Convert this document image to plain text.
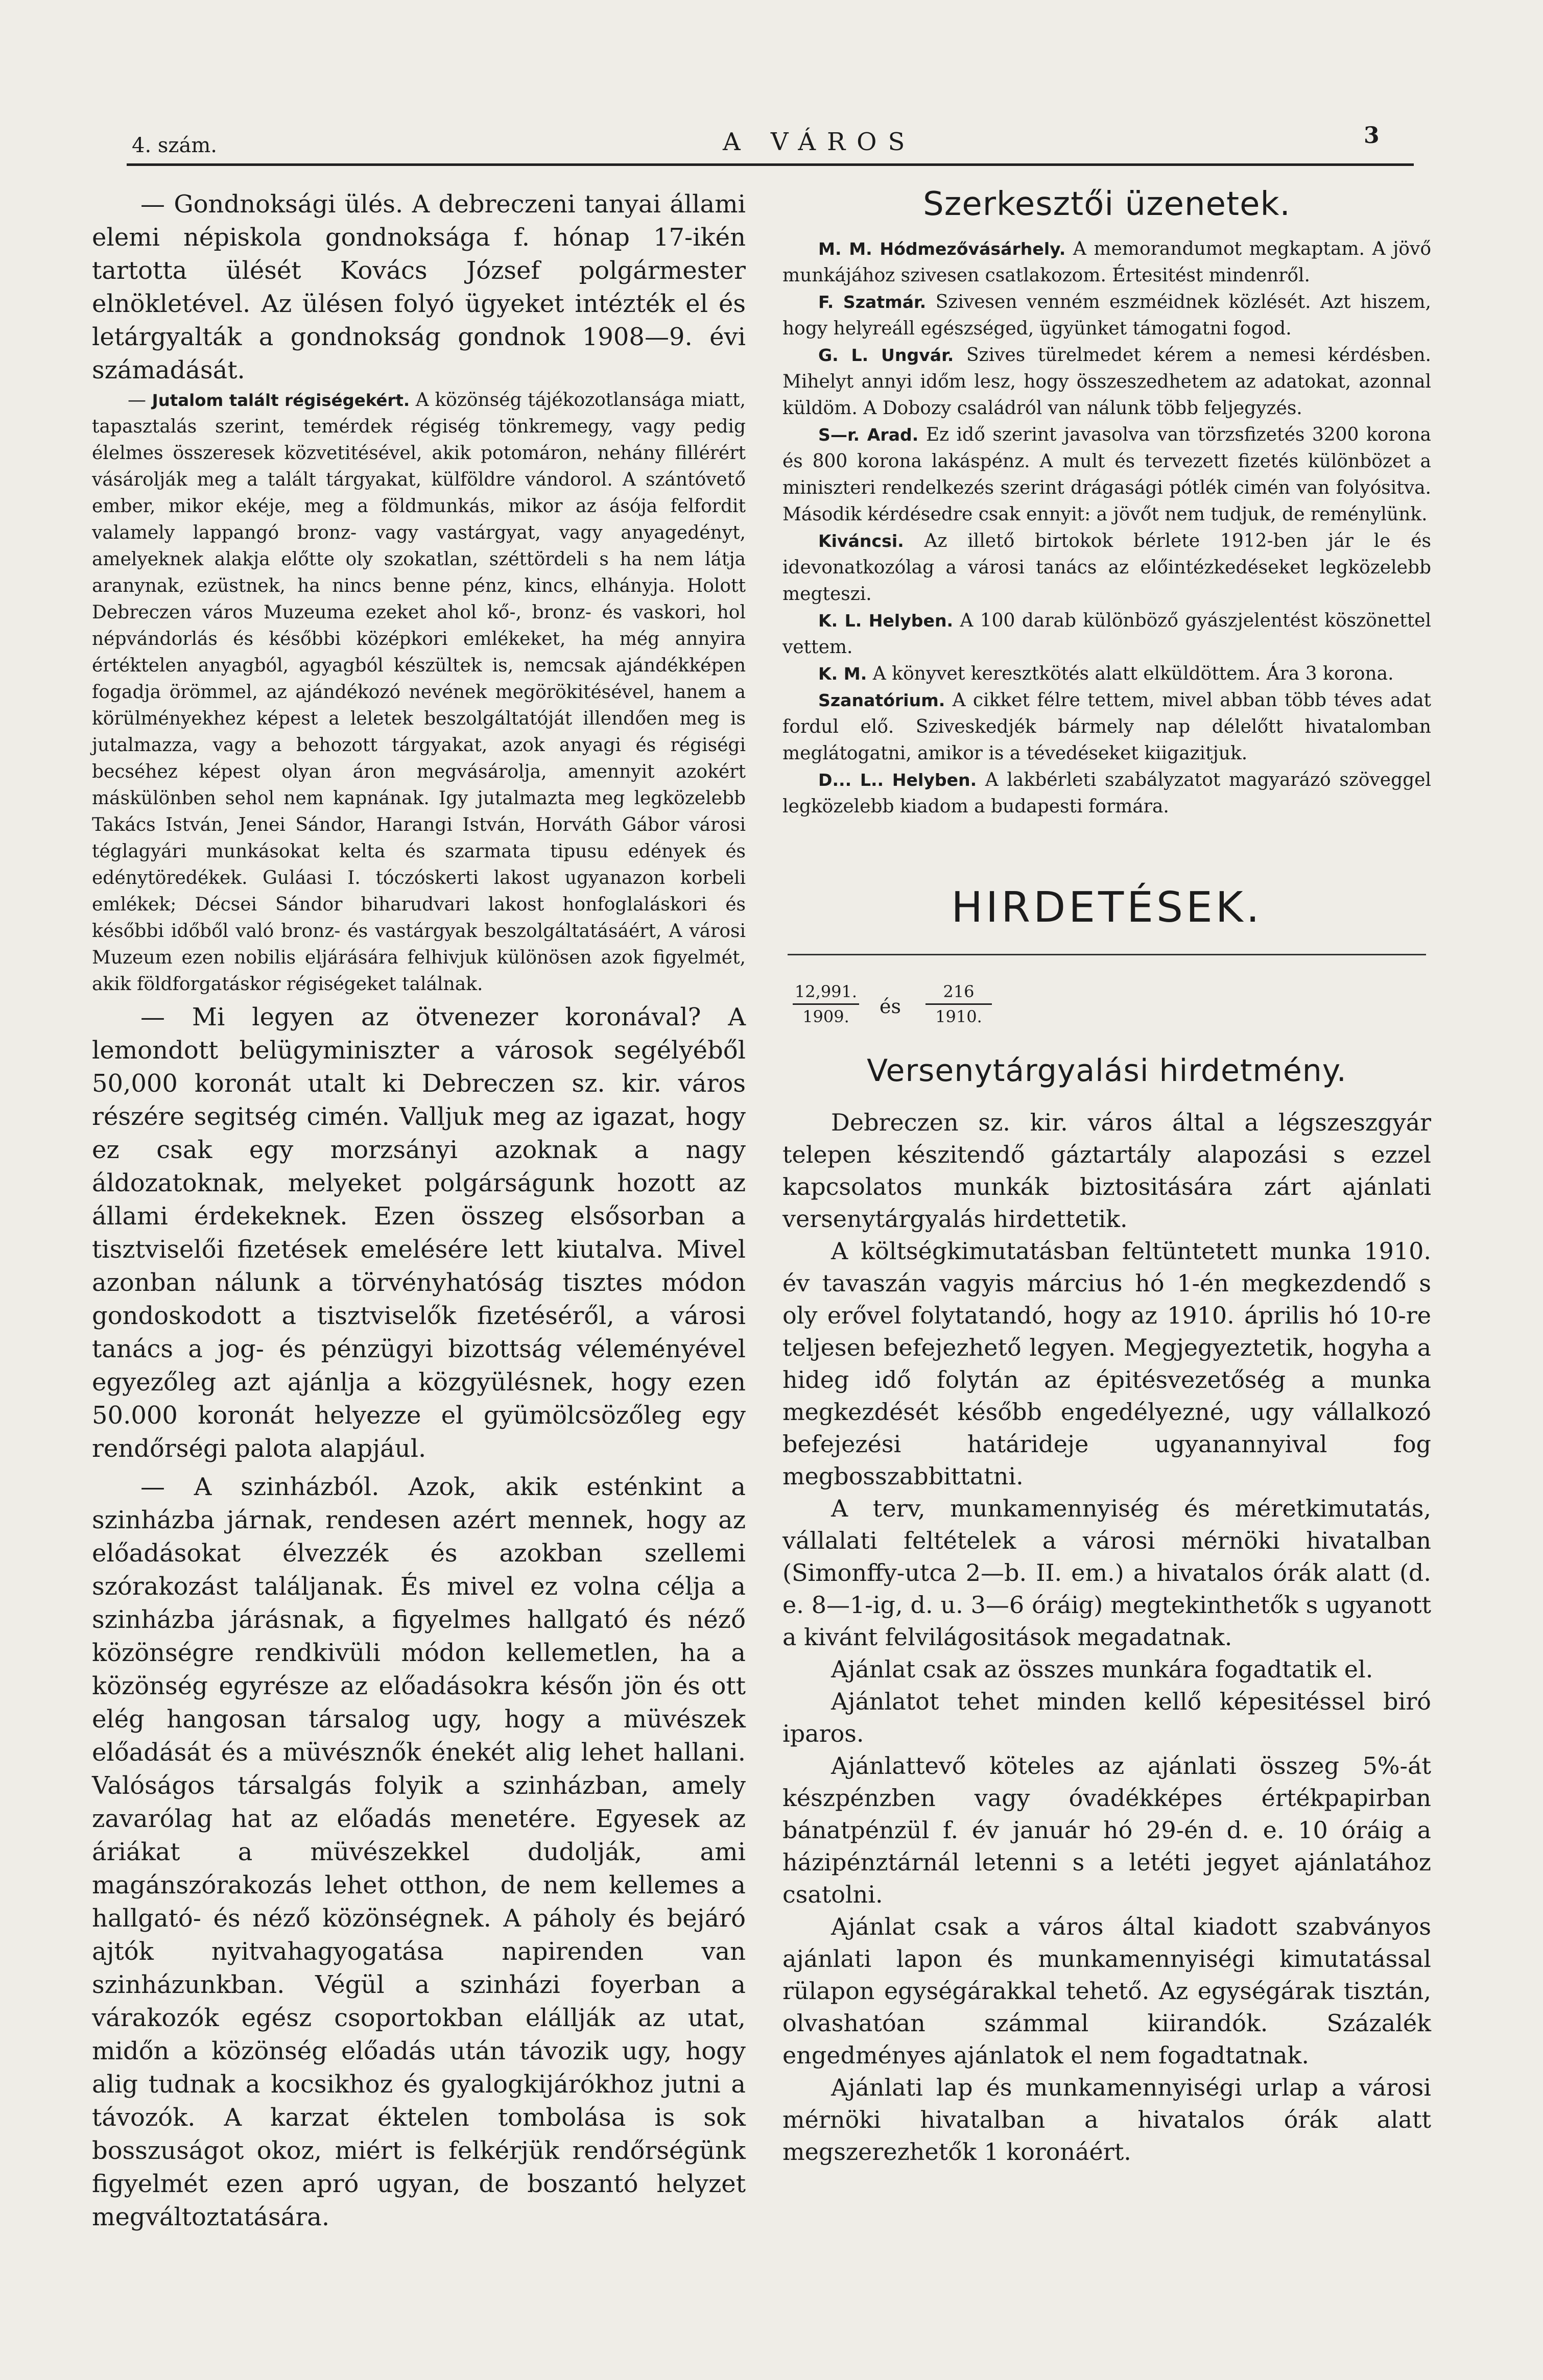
4. szám.	A VÁROS	3

— Gondnoksági ülés. A debreczeni tanyai állami elemi népiskola gondnoksága f. hónap 17-ikén tartotta ülését Kovács József polgármester elnökletével. Az ülésen folyó ügyeket intézték el és letárgyalták a gondnokság gondnok 1908—9. évi számadását.

— Jutalom talált régiségekért. A közönség tájékozotlansága miatt, tapasztalás szerint, temérdek régiség tönkremegy, vagy pedig élelmes összeresek közvetitésével, akik potomáron, nehány fillérért vásárolják meg a talált tárgyakat, külföldre vándorol. A szántóvető ember, mikor ekéje, meg a földmunkás, mikor az ásója felfordit valamely lappangó bronz- vagy vastárgyat, vagy anyagedényt, amelyeknek alakja előtte oly szokatlan, széttördeli s ha nem látja aranynak, ezüstnek, ha nincs benne pénz, kincs, elhányja. Holott Debreczen város Muzeuma ezeket ahol kő-, bronz- és vaskori, hol népvándorlás és későbbi középkori emlékeket, ha még annyira értéktelen anyagból, agyagból készültek is, nemcsak ajándékképen fogadja örömmel, az ajándékozó nevének megörökitésével, hanem a körülményekhez képest a leletek beszolgáltatóját illendően meg is jutalmazza, vagy a behozott tárgyakat, azok anyagi és régiségi becséhez képest olyan áron megvásárolja, amennyit azokért máskülönben sehol nem kapnának. Igy jutalmazta meg legközelebb Takács István, Jenei Sándor, Harangi István, Horváth Gábor városi téglagyári munkásokat kelta és szarmata tipusu edények és edénytöredékek. Guláasi I. tóczóskerti lakost ugyanazon korbeli emlékek; Décsei Sándor biharudvari lakost honfoglaláskori és későbbi időből való bronz- és vastárgyak beszolgáltatásáért, A városi Muzeum ezen nobilis eljárására felhivjuk különösen azok figyelmét, akik földforgatáskor régiségeket találnak.

— Mi legyen az ötvenezer koronával? A lemondott belügyminiszter a városok segélyéből 50,000 koronát utalt ki Debreczen sz. kir. város részére segitség cimén. Valljuk meg az igazat, hogy ez csak egy morzsányi azoknak a nagy áldozatoknak, melyeket polgárságunk hozott az állami érdekeknek. Ezen összeg elsősorban a tisztviselői fizetések emelésére lett kiutalva. Mivel azonban nálunk a törvényhatóság tisztes módon gondoskodott a tisztviselők fizetéséről, a városi tanács a jog- és pénzügyi bizottság véleményével egyezőleg azt ajánlja a közgyülésnek, hogy ezen 50.000 koronát helyezze el gyümölcsözőleg egy rendőrségi palota alapjául.

— A szinházból. Azok, akik esténkint a szinházba járnak, rendesen azért mennek, hogy az előadásokat élvezzék és azokban szellemi szórakozást találjanak. És mivel ez volna célja a szinházba járásnak, a figyelmes hallgató és néző közönségre rendkivüli módon kellemetlen, ha a közönség egyrésze az előadásokra későn jön és ott elég hangosan társalog ugy, hogy a müvészek előadását és a müvésznők énekét alig lehet hallani. Valóságos társalgás folyik a szinházban, amely zavarólag hat az előadás menetére. Egyesek az áriákat a müvészekkel dudolják, ami magánszórakozás lehet otthon, de nem kellemes a hallgató- és néző közönségnek. A páholy és bejáró ajtók nyitvahagyogatása napirenden van szinházunkban. Végül a szinházi foyerban a várakozók egész csoportokban elállják az utat, midőn a közönség előadás után távozik ugy, hogy alig tudnak a kocsikhoz és gyalogkijárókhoz jutni a távozók. A karzat éktelen tombolása is sok bosszuságot okoz, miért is felkérjük rendőrségünk figyelmét ezen apró ugyan, de boszantó helyzet megváltoztatására.

Szerkesztői üzenetek.

M. M. Hódmezővásárhely. A memorandumot megkaptam. A jövő munkájához szivesen csatlakozom. Értesitést mindenről.

F. Szatmár. Szivesen venném eszméidnek közlését. Azt hiszem, hogy helyreáll egészséged, ügyünket támogatni fogod.

G. L. Ungvár. Szives türelmedet kérem a nemesi kérdésben. Mihelyt annyi időm lesz, hogy összeszedhetem az adatokat, azonnal küldöm. A Dobozy családról van nálunk több feljegyzés.

S—r. Arad. Ez idő szerint javasolva van törzsfizetés 3200 korona és 800 korona lakáspénz. A mult és tervezett fizetés különbözet a miniszteri rendelkezés szerint drágasági pótlék cimén van folyósitva. Második kérdésedre csak ennyit: a jövőt nem tudjuk, de reménylünk.

Kiváncsi. Az illető birtokok bérlete 1912-ben jár le és idevonatkozólag a városi tanács az előintézkedéseket legközelebb megteszi.

K. L. Helyben. A 100 darab különböző gyászjelentést köszönettel vettem.

K. M. A könyvet keresztkötés alatt elküldöttem. Ára 3 korona.

Szanatórium. A cikket félre tettem, mivel abban több téves adat fordul elő. Sziveskedjék bármely nap délelőtt hivatalomban meglátogatni, amikor is a tévedéseket kiigazitjuk.

D... L.. Helyben. A lakbérleti szabályzatot magyarázó szöveggel legközelebb kiadom a budapesti formára.

HIRDETÉSEK.
$\frac{12,991.}{1909.}$ és $\frac{216}{1910.}$
Versenytárgyalási hirdetmény.

Debreczen sz. kir. város által a légszeszgyár telepen készitendő gáztartály alapozási s ezzel kapcsolatos munkák biztositására zárt ajánlati versenytárgyalás hirdettetik.

A költségkimutatásban feltüntetett munka 1910. év tavaszán vagyis március hó 1-én megkezdendő s oly erővel folytatandó, hogy az 1910. április hó 10-re teljesen befejezhető legyen. Megjegyeztetik, hogyha a hideg idő folytán az épitésvezetőség a munka megkezdését később engedélyezné, ugy vállalkozó befejezési határideje ugyanannyival fog megbosszabbittatni.

A terv, munkamennyiség és méretkimutatás, vállalati feltételek a városi mérnöki hivatalban (Simonffy-utca 2—b. II. em.) a hivatalos órák alatt (d. e. 8—1-ig, d. u. 3—6 óráig) megtekinthetők s ugyanott a kivánt felvilágositások megadatnak.

Ajánlat csak az összes munkára fogadtatik el.

Ajánlatot tehet minden kellő képesitéssel biró iparos.

Ajánlattevő köteles az ajánlati összeg 5%-át készpénzben vagy óvadékképes értékpapirban bánatpénzül f. év január hó 29-én d. e. 10 óráig a házipénztárnál letenni s a letéti jegyet ajánlatához csatolni.

Ajánlat csak a város által kiadott szabványos ajánlati lapon és munkamennyiségi kimutatással rülapon egységárakkal tehető. Az egységárak tisztán, olvashatóan számmal kiirandók. Százalék engedményes ajánlatok el nem fogadtatnak.

Ajánlati lap és munkamennyiségi urlap a városi mérnöki hivatalban a hivatalos órák alatt megszerezhetők 1 koronáért.
